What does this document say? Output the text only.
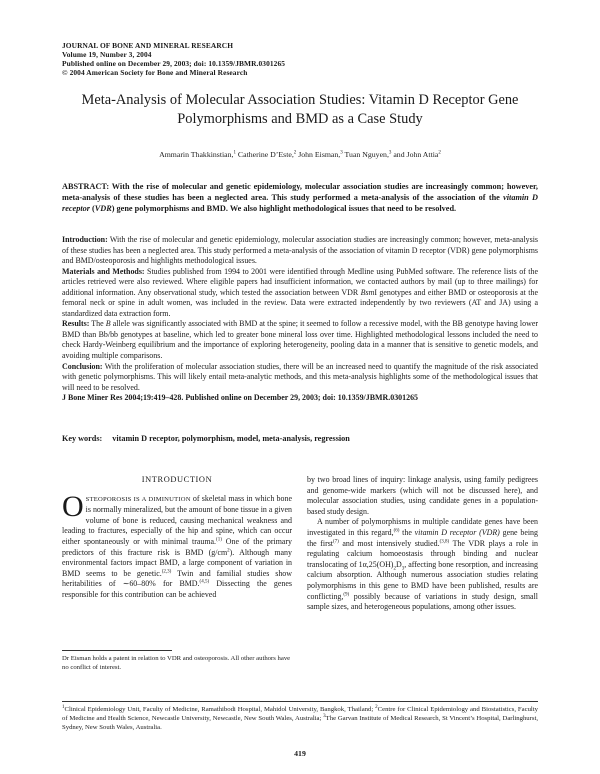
JOURNAL OF BONE AND MINERAL RESEARCH
Volume 19, Number 3, 2004
Published online on December 29, 2003; doi: 10.1359/JBMR.0301265
© 2004 American Society for Bone and Mineral Research
Meta-Analysis of Molecular Association Studies: Vitamin D Receptor Gene
Polymorphisms and BMD as a Case Study
Ammarin Thakkinstian,$^1$ Catherine D’Este,$^2$ John Eisman,$^3$ Tuan Nguyen,$^3$ and John Attia$^2$
ABSTRACT: With the rise of molecular and genetic epidemiology, molecular association studies are increasingly common; however, meta-analysis of these studies has been a neglected area. This study performed a meta-analysis of the association of the vitamin D receptor (VDR) gene polymorphisms and BMD. We also highlight methodological issues that need to be resolved.

Introduction: With the rise of molecular and genetic epidemiology, molecular association studies are increasingly common; however, meta-analysis of these studies has been a neglected area. This study performed a meta-analysis of the association of vitamin D receptor (VDR) gene polymorphisms and BMD/osteoporosis and highlights methodological issues.

Materials and Methods: Studies published from 1994 to 2001 were identified through Medline using PubMed software. The reference lists of the articles retrieved were also reviewed. Where eligible papers had insufficient information, we contacted authors by mail (up to three mailings) for additional information. Any observational study, which tested the association between VDR BsmI genotypes and either BMD or osteoporosis at the femoral neck or spine in adult women, was included in the review. Data were extracted independently by two reviewers (AT and JA) using a standardized data extraction form.

Results: The B allele was significantly associated with BMD at the spine; it seemed to follow a recessive model, with the BB genotype having lower BMD than Bb/bb genotypes at baseline, which led to greater bone mineral loss over time. Highlighted methodological lessons included the need to check Hardy-Weinberg equilibrium and the importance of exploring heterogeneity, pooling data in a manner that is sensitive to genetic models, and avoiding multiple comparisons.

Conclusion: With the proliferation of molecular association studies, there will be an increased need to quantify the magnitude of the risk associated with genetic polymorphisms. This will likely entail meta-analytic methods, and this meta-analysis highlights some of the methodological issues that will need to be resolved.

J Bone Miner Res 2004;19:419–428. Published online on December 29, 2003; doi: 10.1359/JBMR.0301265

Key words: vitamin D receptor, polymorphism, model, meta-analysis, regression
INTRODUCTION

OSTEOPOROSIS IS A DIMINUTION of skeletal mass in which bone is normally mineralized, but the amount of bone tissue in a given volume of bone is reduced, causing mechanical weakness and leading to fractures, especially of the hip and spine, which can occur either spontaneously or with minimal trauma.$^{(1)}$ One of the primary predictors of this fracture risk is BMD $(g/cm^2)$. Although many environmental factors impact BMD, a large component of variation in BMD seems to be genetic.$^{(2,3)}$ Twin and familial studies show heritabilities of ∼60–80% for BMD.$^{(4,5)}$ Dissecting the genes responsible for this contribution can be achieved

by two broad lines of inquiry: linkage analysis, using family pedigrees and genome-wide markers (which will not be discussed here), and molecular association studies, using candidate genes in a population-based study design.

A number of polymorphisms in multiple candidate genes have been investigated in this regard,$^{(6)}$ the vitamin D receptor (VDR) gene being the first$^{(7)}$ and most intensively studied.$^{(3,8)}$ The VDR plays a role in regulating calcium homoeostasis through binding and nuclear translocating of $1\alpha,25(OH)_2D_3$, affecting bone resorption, and increasing calcium absorption. Although numerous association studies relating polymorphisms in this gene to BMD have been published, results are conflicting,$^{(9)}$ possibly because of variations in study design, small sample sizes, and heterogeneous populations, among other issues.

Dr Eisman holds a patent in relation to VDR and osteoporosis. All other authors have no conflict of interest.
$^1$Clinical Epidemiology Unit, Faculty of Medicine, Ramathibodi Hospital, Mahidol University, Bangkok, Thailand; $^2$Centre for Clinical Epidemiology and Biostatistics, Faculty of Medicine and Health Science, Newcastle University, Newcastle, New South Wales, Australia; $^3$The Garvan Institute of Medical Research, St Vincent’s Hospital, Darlinghurst, Sydney, New South Wales, Australia.
419
